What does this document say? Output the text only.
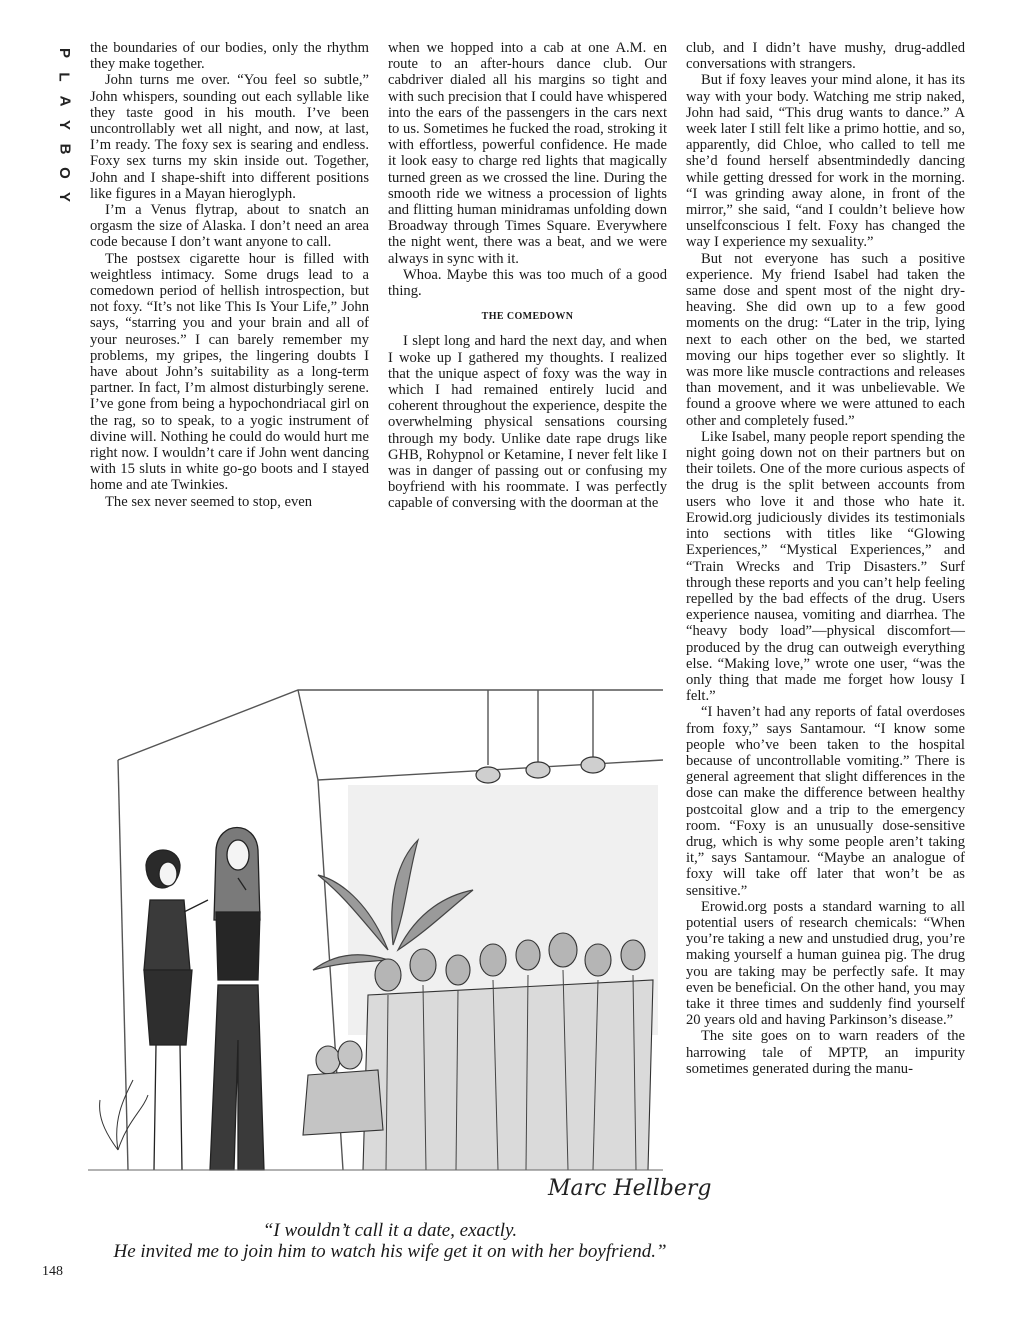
P
L
A
Y
B
O
Y

the boundaries of our bodies, only the rhythm they make together.

John turns me over. “You feel so subtle,” John whispers, sounding out each syllable like they taste good in his mouth. I’ve been uncontrollably wet all night, and now, at last, I’m ready. The foxy sex is searing and endless. Foxy sex turns my skin inside out. Together, John and I shape-shift into different positions like figures in a Mayan hieroglyph.

I’m a Venus flytrap, about to snatch an orgasm the size of Alaska. I don’t need an area code because I don’t want anyone to call.

The postsex cigarette hour is filled with weightless intimacy. Some drugs lead to a comedown period of hellish introspection, but not foxy. “It’s not like This Is Your Life,” John says, “starring you and your brain and all of your neuroses.” I can barely remember my problems, my gripes, the lingering doubts I have about John’s suitability as a long-term partner. In fact, I’m almost disturbingly serene. I’ve gone from being a hypochondriacal girl on the rag, so to speak, to a yogic instrument of divine will. Nothing he could do would hurt me right now. I wouldn’t care if John went dancing with 15 sluts in white go-go boots and I stayed home and ate Twinkies.

The sex never seemed to stop, even

when we hopped into a cab at one A.M. en route to an after-hours dance club. Our cabdriver dialed all his margins so tight and with such precision that I could have whispered into the ears of the passengers in the cars next to us. Sometimes he fucked the road, stroking it with effortless, powerful confidence. He made it look easy to charge red lights that magically turned green as we crossed the line. During the smooth ride we witness a procession of lights and flitting human minidramas unfolding down Broadway through Times Square. Everywhere the night went, there was a beat, and we were always in sync with it.

Whoa. Maybe this was too much of a good thing.

THE COMEDOWN

I slept long and hard the next day, and when I woke up I gathered my thoughts. I realized that the unique aspect of foxy was the way in which I had remained entirely lucid and coherent throughout the experience, despite the overwhelming physical sensations coursing through my body. Unlike date rape drugs like GHB, Rohypnol or Ketamine, I never felt like I was in danger of passing out or confusing my boyfriend with his roommate. I was perfectly capable of conversing with the doorman at the

club, and I didn’t have mushy, drug-addled conversations with strangers.

But if foxy leaves your mind alone, it has its way with your body. Watching me strip naked, John had said, “This drug wants to dance.” A week later I still felt like a primo hottie, and so, apparently, did Chloe, who called to tell me she’d found herself absentmindedly dancing while getting dressed for work in the morning. “I was grinding away alone, in front of the mirror,” she said, “and I couldn’t believe how unselfconscious I felt. Foxy has changed the way I experience my sexuality.”

But not everyone has such a positive experience. My friend Isabel had taken the same dose and spent most of the night dry-heaving. She did own up to a few good moments on the drug: “Later in the trip, lying next to each other on the bed, we started moving our hips together ever so slightly. It was more like muscle contractions and releases than movement, and it was unbelievable. We found a groove where we were attuned to each other and completely fused.”

Like Isabel, many people report spending the night going down not on their partners but on their toilets. One of the more curious aspects of the drug is the split between accounts from users who love it and those who hate it. Erowid.org judiciously divides its testimonials into sections with titles like “Glowing Experiences,” “Mystical Experiences,” and “Train Wrecks and Trip Disasters.” Surf through these reports and you can’t help feeling repelled by the bad effects of the drug. Users experience nausea, vomiting and diarrhea. The “heavy body load”—physical discomfort—produced by the drug can outweigh everything else. “Making love,” wrote one user, “was the only thing that made me forget how lousy I felt.”

“I haven’t had any reports of fatal overdoses from foxy,” says Santamour. “I know some people who’ve been taken to the hospital because of uncontrollable vomiting.” There is general agreement that slight differences in the dose can make the difference between healthy postcoital glow and a trip to the emergency room. “Foxy is an unusually dose-sensitive drug, which is why some people aren’t taking it,” says Santamour. “Maybe an analogue of foxy will take off later that won’t be as sensitive.”

Erowid.org posts a standard warning to all potential users of research chemicals: “When you’re taking a new and unstudied drug, you’re making yourself a human guinea pig. The drug you are taking may be perfectly safe. It may even be beneficial. On the other hand, you may take it three times and suddenly find yourself 20 years old and having Parkinson’s disease.”

The site goes on to warn readers of the harrowing tale of MPTP, an impurity sometimes generated during the manu-

Marc Hellberg
“I wouldn’t call it a date, exactly.
He invited me to join him to watch his wife get it on with her boyfriend.”
148
